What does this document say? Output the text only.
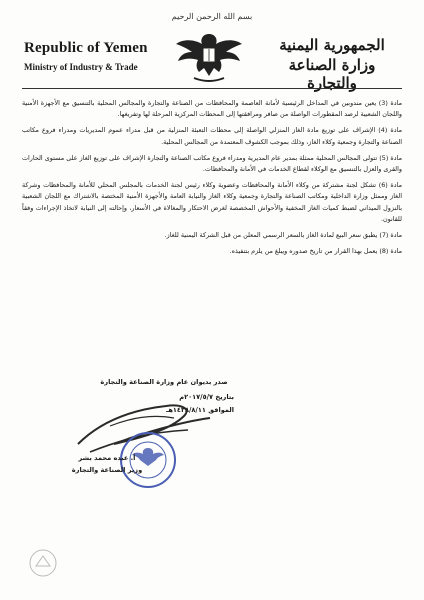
بسم الله الرحمن الرحيم
Republic of Yemen
Ministry of Industry & Trade
الجمهورية اليمنية
وزارة الصناعة والتجارة

مادة (3) يعين مندوبين في المداخل الرئيسية لأمانة العاصمة والمحافظات من الصناعة والتجارة والمجالس المحلية بالتنسيق مع الأجهزة الأمنية واللجان الشعبية لرصد المقطورات الواصلة من صافر ومرافقتها إلى المحطات المركزية المرحلة لها وتفريغها.

مادة (4) الإشراف على توزيع مادة الغاز المنزلي الواصلة إلى محطات التعبئة المنزلية من قبل مدراء عموم المديريات ومدراء فروع مكاتب الصناعة والتجارة وجمعية وكلاء الغاز، وذلك بموجب الكشوف المعتمدة من المجالس المحلية.

مادة (5) تتولى المجالس المحلية ممثلة بمدير عام المديرية ومدراء فروع مكاتب الصناعة والتجارة الإشراف على توزيع الغاز على مستوى الحارات والقرى والعزل بالتنسيق مع الوكلاء لقطاع الخدمات في الأمانة والمحافظات.

مادة (6) تشكل لجنة مشتركة من وكلاء الأمانة والمحافظات وعضوية وكلاء رئيس لجنة الخدمات بالمجلس المحلي للأمانة والمحافظات وشركة الغاز وممثل وزارة الداخلية ومكاتب الصناعة والتجارة وجمعية وكلاء الغاز والنيابة العامة والأجهزة الأمنية المختصة بالاشتراك مع اللجان الشعبية بالنزول الميداني لضبط كميات الغاز المخفية والأحواش المخصصة لغرض الاحتكار والمغالاة في الأسعار، وإحالته إلى النيابة لاتخاذ الإجراءات وفقاً للقانون.

مادة (7) يطبق سعر البيع لمادة الغاز بالسعر الرسمي المعلن من قبل الشركة اليمنية للغاز.

مادة (8) يعمل بهذا القرار من تاريخ صدوره ويبلغ من يلزم بتنفيذه.

صدر بديوان عام وزارة الصناعة والتجارة
بتاريخ ٢٠١٧/٥/٧م
الموافق ١٤٣٨/٨/١١هـ
أ. عبده محمد بشر
وزير الصناعة والتجارة
